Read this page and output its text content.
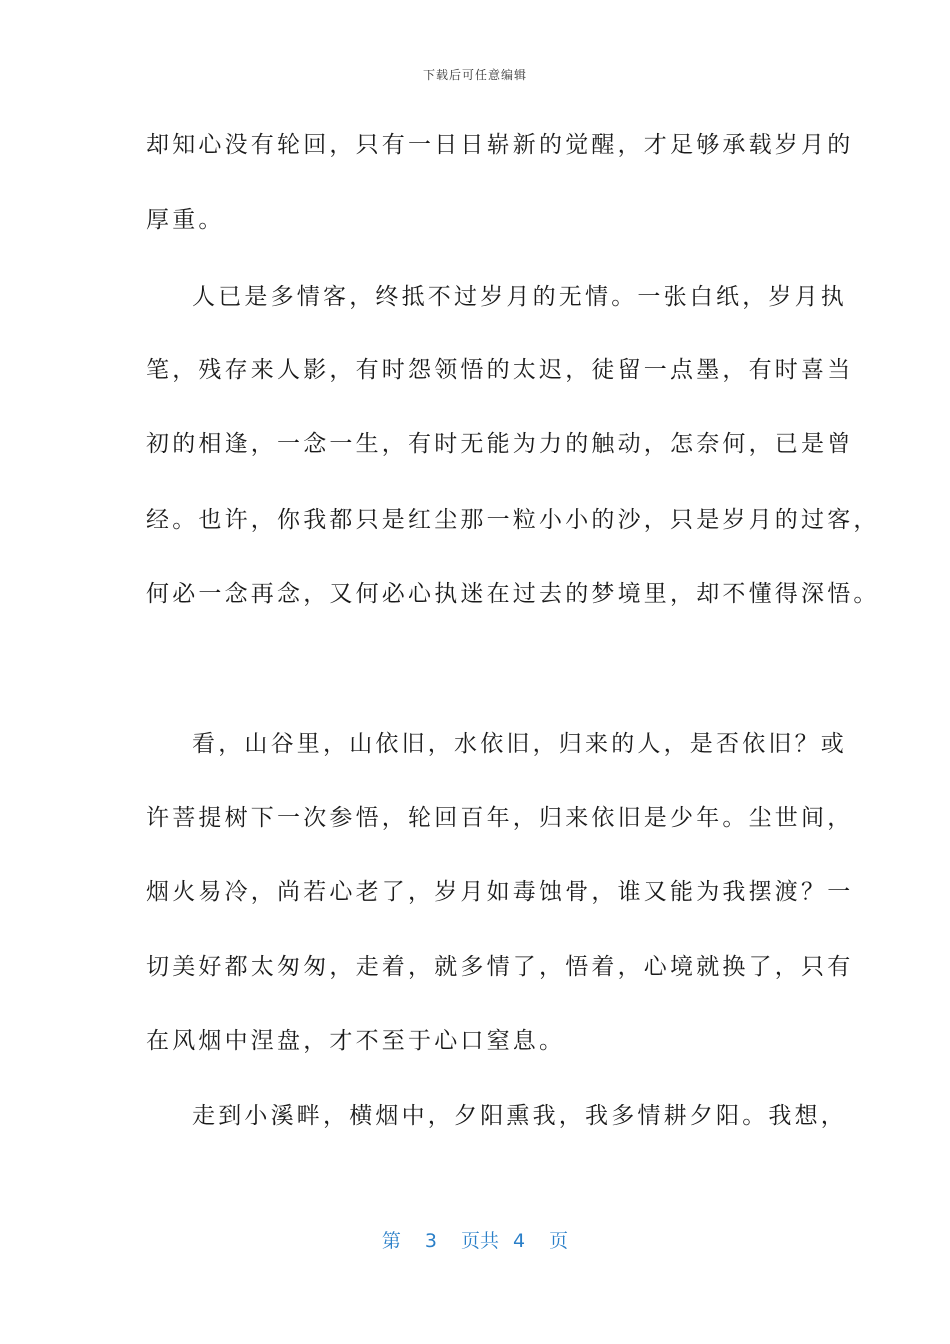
下载后可任意编辑
却知心没有轮回，只有一日日崭新的觉醒，才足够承载岁月的
厚重。
人已是多情客，终抵不过岁月的无情。一张白纸，岁月执
笔，残存来人影，有时怨领悟的太迟，徒留一点墨，有时喜当
初的相逢，一念一生，有时无能为力的触动，怎奈何，已是曾
经。也许，你我都只是红尘那一粒小小的沙，只是岁月的过客，
何必一念再念，又何必心执迷在过去的梦境里，却不懂得深悟。
看，山谷里，山依旧，水依旧，归来的人，是否依旧？或
许菩提树下一次参悟，轮回百年，归来依旧是少年。尘世间，
烟火易冷，尚若心老了，岁月如毒蚀骨，谁又能为我摆渡？一
切美好都太匆匆，走着，就多情了，悟着，心境就换了，只有
在风烟中涅盘，才不至于心口窒息。
走到小溪畔，横烟中，夕阳熏我，我多情耕夕阳。我想，
第 3 页共 4 页
